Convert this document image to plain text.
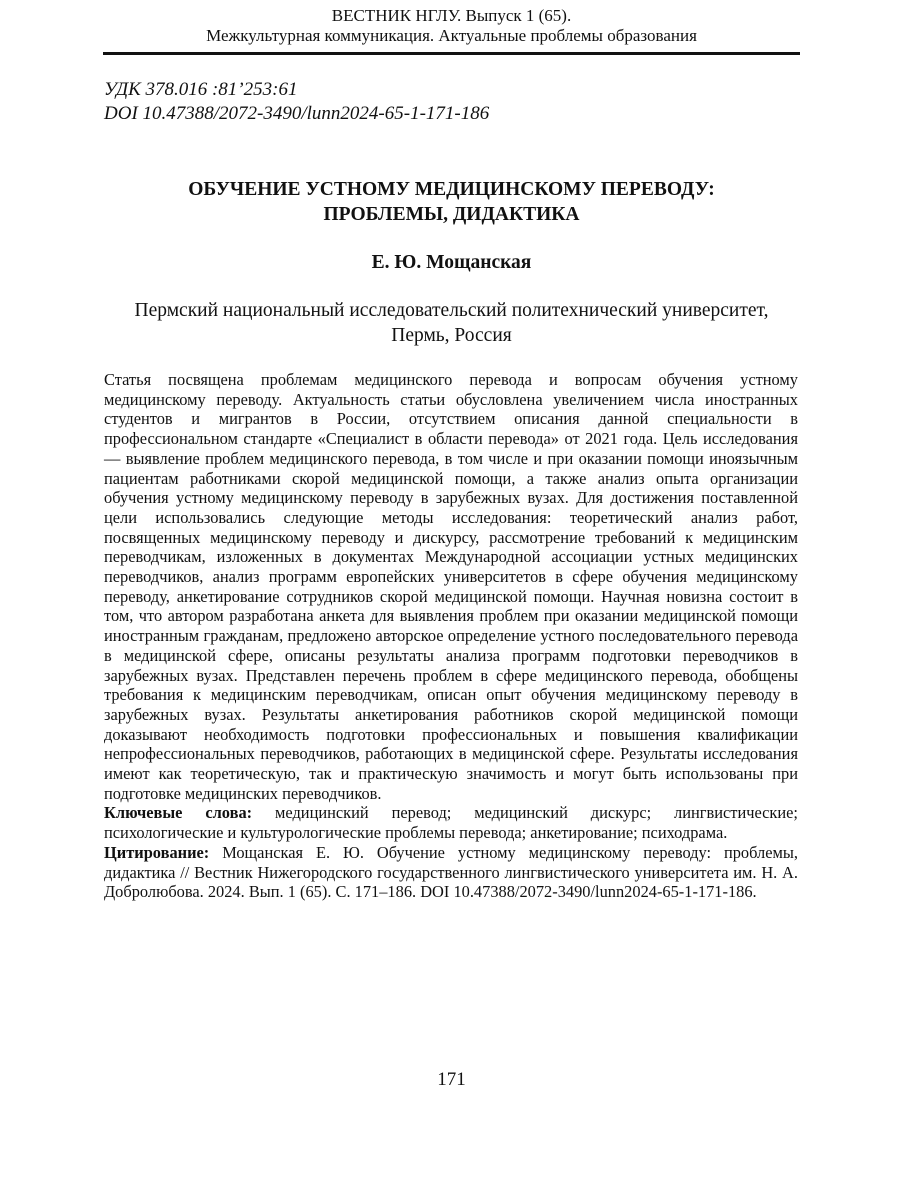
ВЕСТНИК НГЛУ. Выпуск 1 (65).
Межкультурная коммуникация. Актуальные проблемы образования
УДК 378.016 :81’253:61
DOI 10.47388/2072-3490/lunn2024-65-1-171-186
ОБУЧЕНИЕ УСТНОМУ МЕДИЦИНСКОМУ ПЕРЕВОДУ:
ПРОБЛЕМЫ, ДИДАКТИКА
Е. Ю. Мощанская
Пермский национальный исследовательский политехнический университет,
Пермь, Россия

Статья посвящена проблемам медицинского перевода и вопросам обучения устному медицинскому переводу. Актуальность статьи обусловлена увеличением числа иностранных студентов и мигрантов в России, отсутствием описания данной специальности в профессиональном стандарте «Специалист в области перевода» от 2021 года. Цель исследования — выявление проблем медицинского перевода, в том числе и при оказании помощи иноязычным пациентам работниками скорой медицинской помощи, а также анализ опыта организации обучения устному медицинскому переводу в зарубежных вузах. Для достижения поставленной цели использовались следующие методы исследования: теоретический анализ работ, посвященных медицинскому переводу и дискурсу, рассмотрение требований к медицинским переводчикам, изложенных в документах Международной ассоциации устных медицинских переводчиков, анализ программ европейских университетов в сфере обучения медицинскому переводу, анкетирование сотрудников скорой медицинской помощи. Научная новизна состоит в том, что автором разработана анкета для выявления проблем при оказании медицинской помощи иностранным гражданам, предложено авторское определение устного последовательного перевода в медицинской сфере, описаны результаты анализа программ подготовки переводчиков в зарубежных вузах. Представлен перечень проблем в сфере медицинского перевода, обобщены требования к медицинским переводчикам, описан опыт обучения медицинскому переводу в зарубежных вузах. Результаты анкетирования работников скорой медицинской помощи доказывают необходимость подготовки профессиональных и повышения квалификации непрофессиональных переводчиков, работающих в медицинской сфере. Результаты исследования имеют как теоретическую, так и практическую значимость и могут быть использованы при подготовке медицинских переводчиков.

Ключевые слова: медицинский перевод; медицинский дискурс; лингвистические; психологические и культурологические проблемы перевода; анкетирование; психодрама.

Цитирование: Мощанская Е. Ю. Обучение устному медицинскому переводу: проблемы, дидактика // Вестник Нижегородского государственного лингвистического университета им. Н. А. Добролюбова. 2024. Вып. 1 (65). С. 171–186. DOI 10.47388/2072-3490/lunn2024-65-1-171-186.

171
